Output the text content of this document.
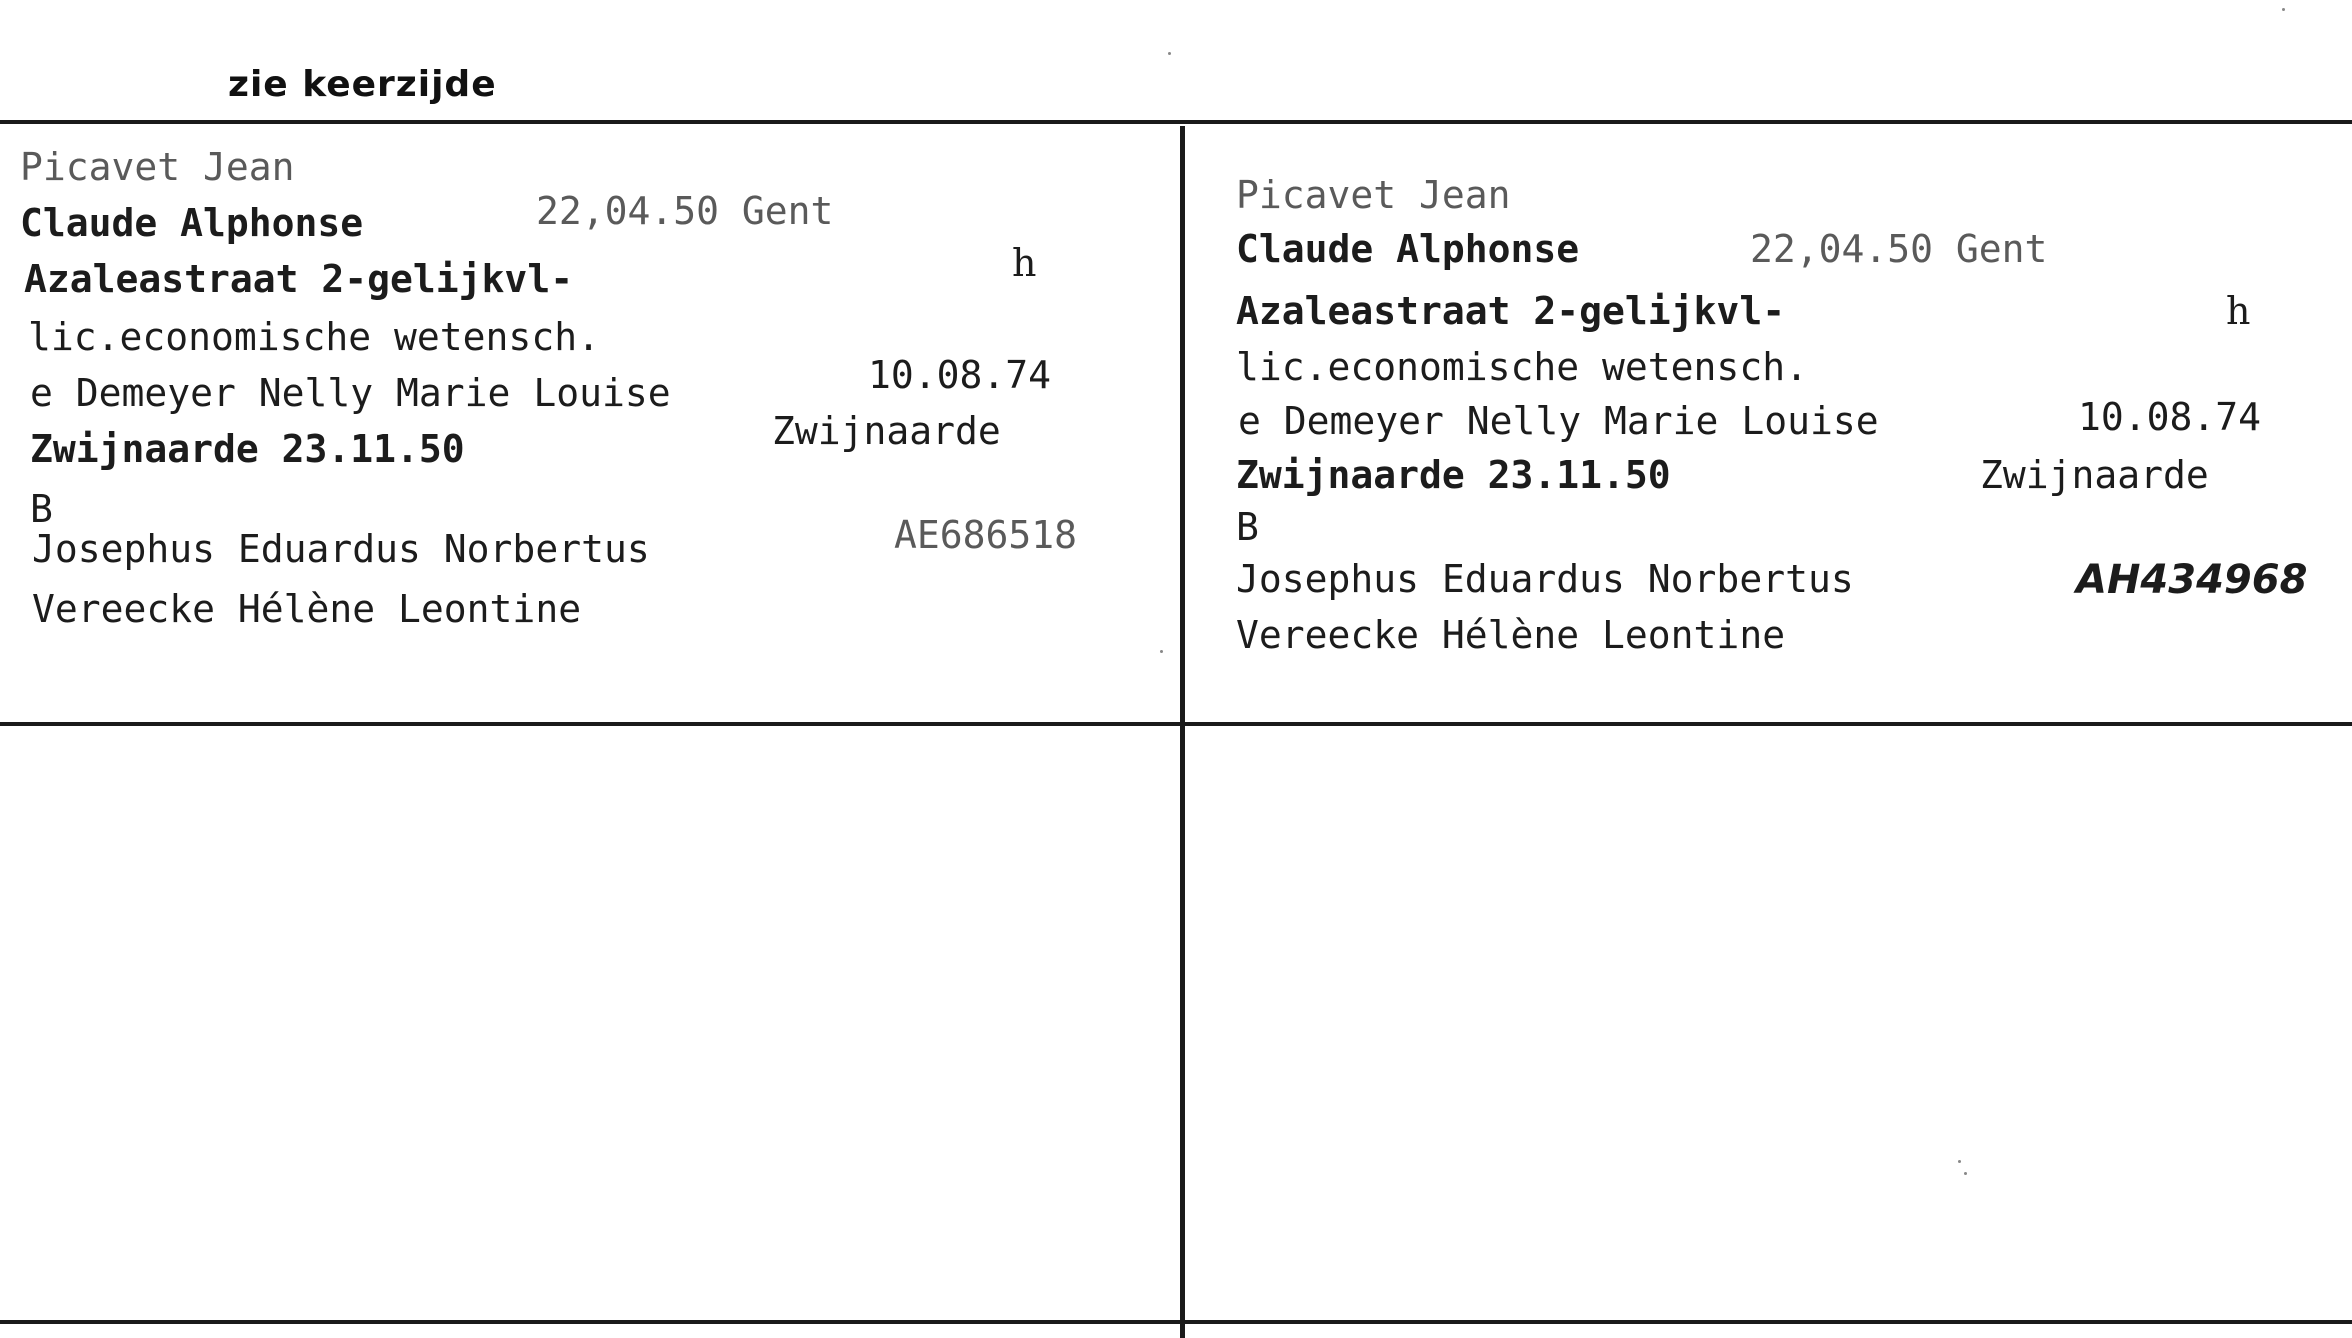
zie keerzijde
Picavet Jean
Claude Alphonse	22,04.50 Gent
Azaleastraat 2-gelijkvl-	h
lic.economische wetensch.
e Demeyer Nelly Marie Louise	10.08.74
Zwijnaarde 23.11.50	Zwijnaarde
B
Josephus Eduardus Norbertus	AE686518
Vereecke Hélène Leontine
Picavet Jean
Claude Alphonse	22,04.50 Gent
Azaleastraat 2-gelijkvl-	h
lic.economische wetensch.
e Demeyer Nelly Marie Louise	10.08.74
Zwijnaarde 23.11.50	Zwijnaarde
B
Josephus Eduardus Norbertus	AH434968
Vereecke Hélène Leontine
